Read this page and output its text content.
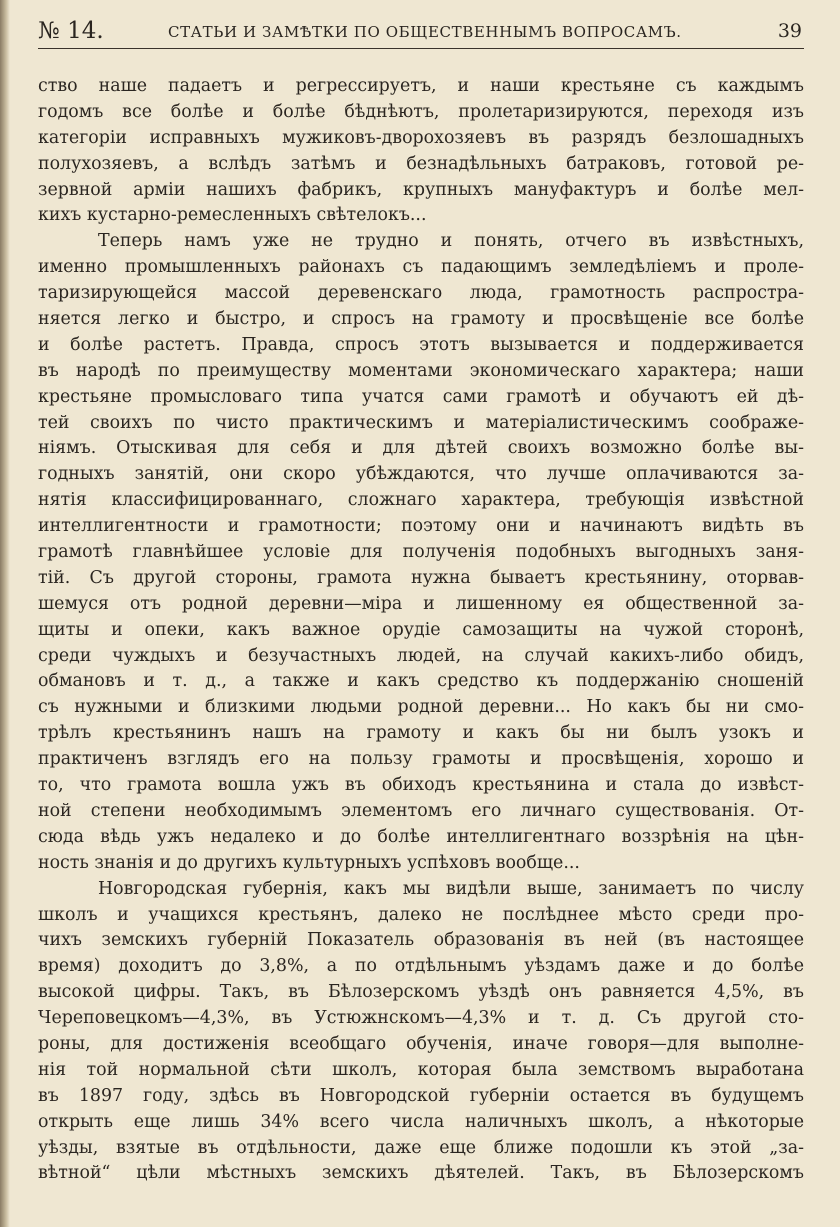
№ 14.	СТАТЬИ И ЗАМѢТКИ ПО ОБЩЕСТВЕННЫМЪ ВОПРОСАМЪ.	39
ство наше падаетъ и регрессируетъ, и наши крестьяне съ каждымъ
годомъ все болѣе и болѣе бѣднѣютъ, пролетаризируются, переходя изъ
категоріи исправныхъ мужиковъ-дворохозяевъ въ разрядъ безлошадныхъ
полухозяевъ, а вслѣдъ затѣмъ и безнадѣльныхъ батраковъ, готовой ре-
зервной арміи нашихъ фабрикъ, крупныхъ мануфактуръ и болѣе мел-
кихъ кустарно-ремесленныхъ свѣтелокъ...
Теперь намъ уже не трудно и понять, отчего въ извѣстныхъ,
именно промышленныхъ районахъ съ падающимъ земледѣліемъ и проле-
таризирующейся массой деревенскаго люда, грамотность распростра-
няется легко и быстро, и спросъ на грамоту и просвѣщеніе все болѣе
и болѣе растетъ. Правда, спросъ этотъ вызывается и поддерживается
въ народѣ по преимуществу моментами экономическаго характера; наши
крестьяне промысловаго типа учатся сами грамотѣ и обучаютъ ей дѣ-
тей своихъ по чисто практическимъ и матеріалистическимъ соображе-
ніямъ. Отыскивая для себя и для дѣтей своихъ возможно болѣе вы-
годныхъ занятій, они скоро убѣждаются, что лучше оплачиваются за-
нятія классифицированнаго, сложнаго характера, требующія извѣстной
интеллигентности и грамотности; поэтому они и начинаютъ видѣть въ
грамотѣ главнѣйшее условіе для полученія подобныхъ выгодныхъ заня-
тій. Съ другой стороны, грамота нужна бываетъ крестьянину, оторвав-
шемуся отъ родной деревни—міра и лишенному ея общественной за-
щиты и опеки, какъ важное орудіе самозащиты на чужой сторонѣ,
среди чуждыхъ и безучастныхъ людей, на случай какихъ-либо обидъ,
обмановъ и т. д., а также и какъ средство къ поддержанію сношеній
съ нужными и близкими людьми родной деревни... Но какъ бы ни смо-
трѣлъ крестьянинъ нашъ на грамоту и какъ бы ни былъ узокъ и
практиченъ взглядъ его на пользу грамоты и просвѣщенія, хорошо и
то, что грамота вошла ужъ въ обиходъ крестьянина и стала до извѣст-
ной степени необходимымъ элементомъ его личнаго существованія. От-
сюда вѣдь ужъ недалеко и до болѣе интеллигентнаго воззрѣнія на цѣн-
ность знанія и до другихъ культурныхъ успѣховъ вообще...
Новгородская губернія, какъ мы видѣли выше, занимаетъ по числу
школъ и учащихся крестьянъ, далеко не послѣднее мѣсто среди про-
чихъ земскихъ губерній Показатель образованія въ ней (въ настоящее
время) доходитъ до 3,8%, а по отдѣльнымъ уѣздамъ даже и до болѣе
высокой цифры. Такъ, въ Бѣлозерскомъ уѣздѣ онъ равняется 4,5%, въ
Череповецкомъ—4,3%, въ Устюжнскомъ—4,3% и т. д. Съ другой сто-
роны, для достиженія всеобщаго обученія, иначе говоря—для выполне-
нія той нормальной сѣти школъ, которая была земствомъ выработана
въ 1897 году, здѣсь въ Новгородской губерніи остается въ будущемъ
открыть еще лишь 34% всего числа наличныхъ школъ, а нѣкоторые
уѣзды, взятые въ отдѣльности, даже еще ближе подошли къ этой „за-
вѣтной“ цѣли мѣстныхъ земскихъ дѣятелей. Такъ, въ Бѣлозерскомъ
